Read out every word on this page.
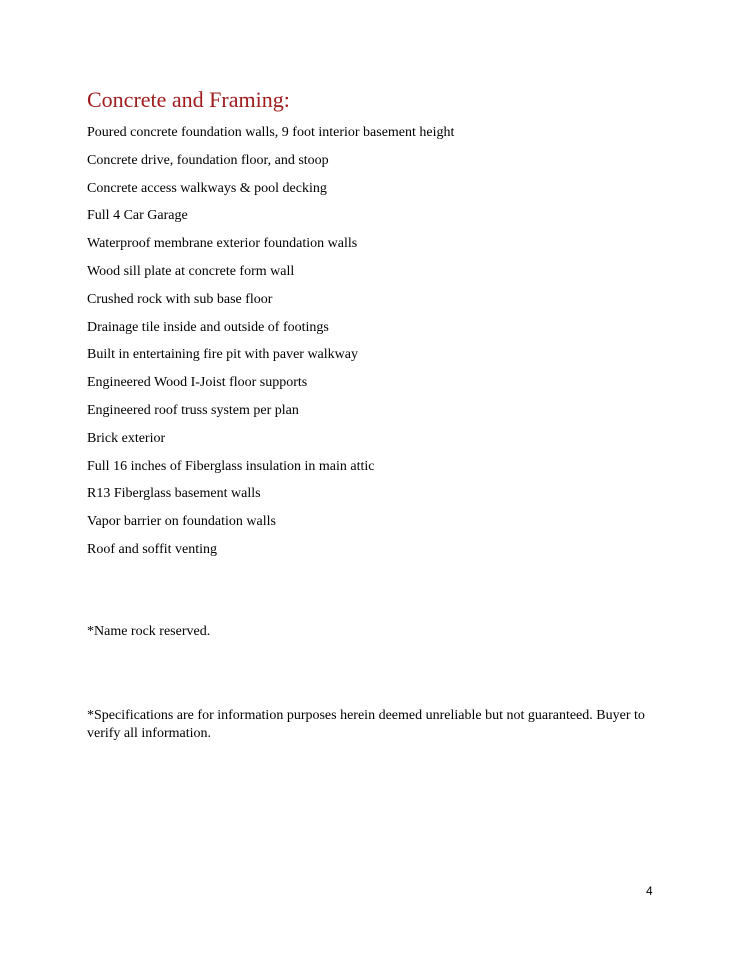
Concrete and Framing:
Poured concrete foundation walls, 9 foot interior basement height
Concrete drive, foundation floor, and stoop
Concrete access walkways & pool decking
Full 4 Car Garage
Waterproof membrane exterior foundation walls
Wood sill plate at concrete form wall
Crushed rock with sub base floor
Drainage tile inside and outside of footings
Built in entertaining fire pit with paver walkway
Engineered Wood I-Joist floor supports
Engineered roof truss system per plan
Brick exterior
Full 16 inches of Fiberglass insulation in main attic
R13 Fiberglass basement walls
Vapor barrier on foundation walls
Roof and soffit venting

*Name rock reserved.

*Specifications are for information purposes herein deemed unreliable but not guaranteed. Buyer to verify all information.

4
